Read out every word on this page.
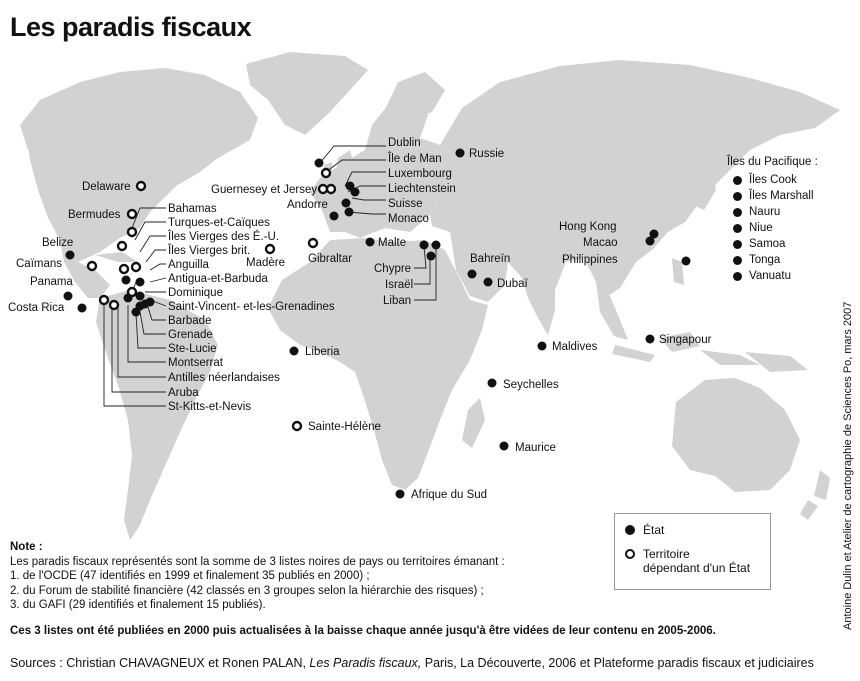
Les paradis fiscaux
Delaware
Bermudes	Bahamas
Turques-et-Caïques
Îles Vierges des É.-U.
Îles Vierges brit.
Anguilla
Antigua-et-Barbuda
Dominique
Saint-Vincent- et-les-Grenadines
Barbade
Grenade
Ste-Lucie
Montserrat
Antilles néerlandaises
Aruba
St-Kitts-et-Nevis
Belize
Caïmans
Panama
Costa Rica
Madère Gibraltar
Liberia
Sainte-Hélène
Afrique du Sud
Dublin
Île de Man
Luxembourg
Guernesey et Jersey	Liechtenstein
Andorre	Suisse
Monaco
Malte
Chypre
Israël
Liban
Bahreïn
Dubaï
Russie
Hong Kong
Macao
Philippines
Singapour
Maldives
Seychelles
Maurice
Îles du Pacifique :
Îles Cook
Îles Marshall
Nauru
Niue
Samoa
Tonga
Vanuatu
État
Territoire
dépendant d'un État

Note :

Les paradis fiscaux représentés sont la somme de 3 listes noires de pays ou territoires émanant :

1. de l'OCDE (47 identifiés en 1999 et finalement 35 publiés en 2000) ;

2. du Forum de stabilité financière (42 classés en 3 groupes selon la hiérarchie des risques) ;

3. du GAFI (29 identifiés et finalement 15 publiés).

Ces 3 listes ont été publiées en 2000 puis actualisées à la baisse chaque année jusqu'à être vidées de leur contenu en 2005-2006.
Sources : Christian CHAVAGNEUX et Ronen PALAN, Les Paradis fiscaux, Paris, La Découverte, 2006 et Plateforme paradis fiscaux et judiciaires
Antoine Dulin et Atelier de cartographie de Sciences Po, mars 2007
